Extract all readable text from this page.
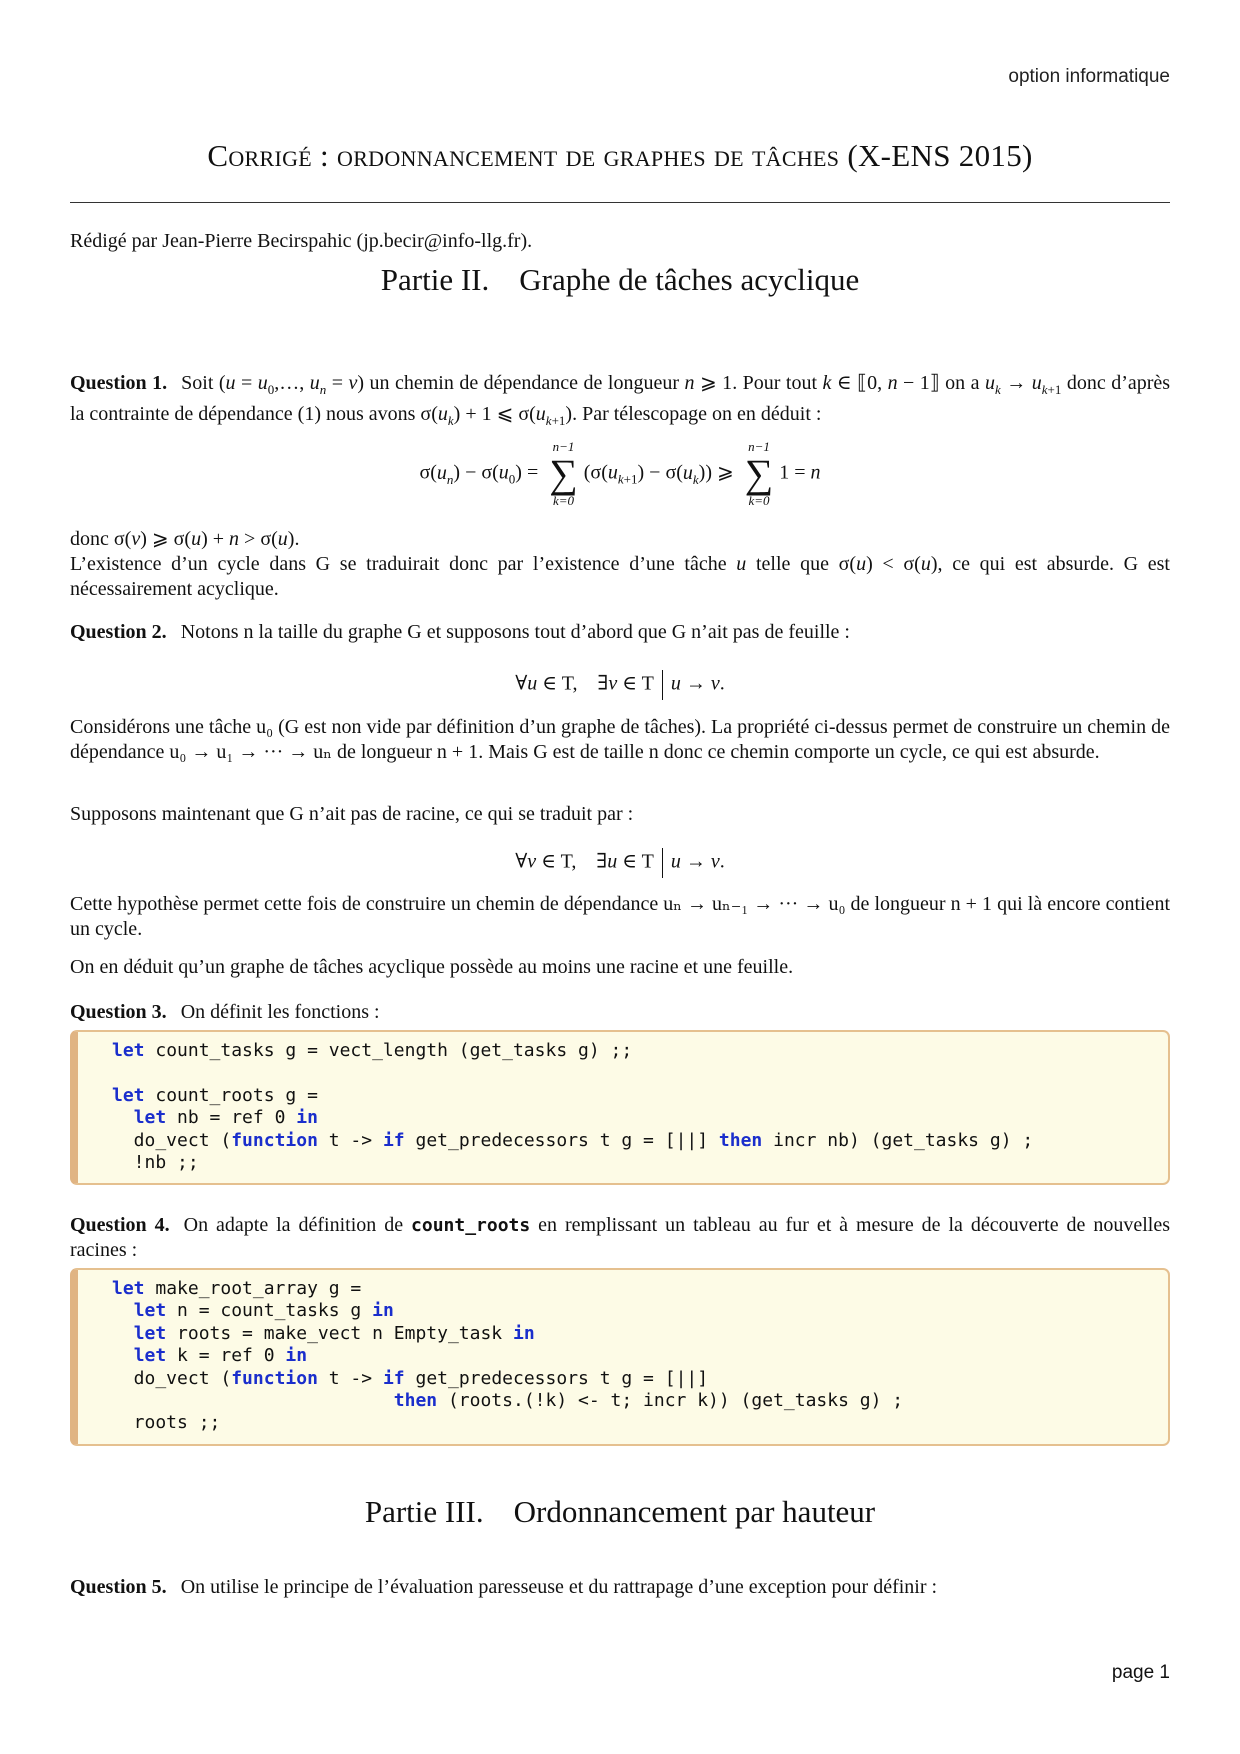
option informatique
Corrigé : ordonnancement de graphes de tâches (X-ENS 2015)
Rédigé par Jean-Pierre Becirspahic (jp.becir@info-llg.fr).
Partie II. Graphe de tâches acyclique
Question 1. Soit ($u = u_0,\dots$, $u_n = v$) un chemin de dépendance de longueur n ⩾ 1. Pour tout k ∈ ⟦0, n − 1⟧ on a $u_k \to u_{k+1}$ donc d’après la contrainte de dépendance (1) nous avons $\sigma(u_k) + 1$ ⩽ $\sigma(u_{k+1})$. Par télescopage on en déduit :
$\sigma(u_n) - \sigma(u_0)$ =
n−1
∑
k=0
$(\sigma(u_{k+1}) - \sigma(u_k))$ ⩾
n−1
∑
k=0
1 = n
donc σ(v) ⩾ σ(u) + n > σ(u).
L’existence d’un cycle dans G se traduirait donc par l’existence d’une tâche u telle que σ(u) < σ(u), ce qui est absurde. G est nécessairement acyclique.
Question 2. Notons n la taille du graphe G et supposons tout d’abord que G n’ait pas de feuille :
∀u ∈ T,    ∃v ∈ T u → v.
Considérons une tâche u₀ (G est non vide par définition d’un graphe de tâches). La propriété ci-dessus permet de construire un chemin de dépendance u₀ → u₁ → ··· → uₙ de longueur n + 1. Mais G est de taille n donc ce chemin comporte un cycle, ce qui est absurde.
Supposons maintenant que G n’ait pas de racine, ce qui se traduit par :
∀v ∈ T,    ∃u ∈ T u → v.
Cette hypothèse permet cette fois de construire un chemin de dépendance uₙ → uₙ₋₁ → ··· → u₀ de longueur n + 1 qui là encore contient un cycle.
On en déduit qu’un graphe de tâches acyclique possède au moins une racine et une feuille.
Question 3. On définit les fonctions :
let count_tasks g = vect_length (get_tasks g) ;;

let count_roots g =
let nb = ref 0 in
do_vect (function t -> if get_predecessors t g = [||] then incr nb) (get_tasks g) ;
!nb ;;
Question 4. On adapte la définition de count_roots en remplissant un tableau au fur et à mesure de la découverte de nouvelles racines :
let make_root_array g =
let n = count_tasks g in
let roots = make_vect n Empty_task in
let k = ref 0 in
do_vect (function t -> if get_predecessors t g = [||]
then (roots.(!k) <- t; incr k)) (get_tasks g) ;
roots ;;
Partie III. Ordonnancement par hauteur
Question 5. On utilise le principe de l’évaluation paresseuse et du rattrapage d’une exception pour définir :
page 1
